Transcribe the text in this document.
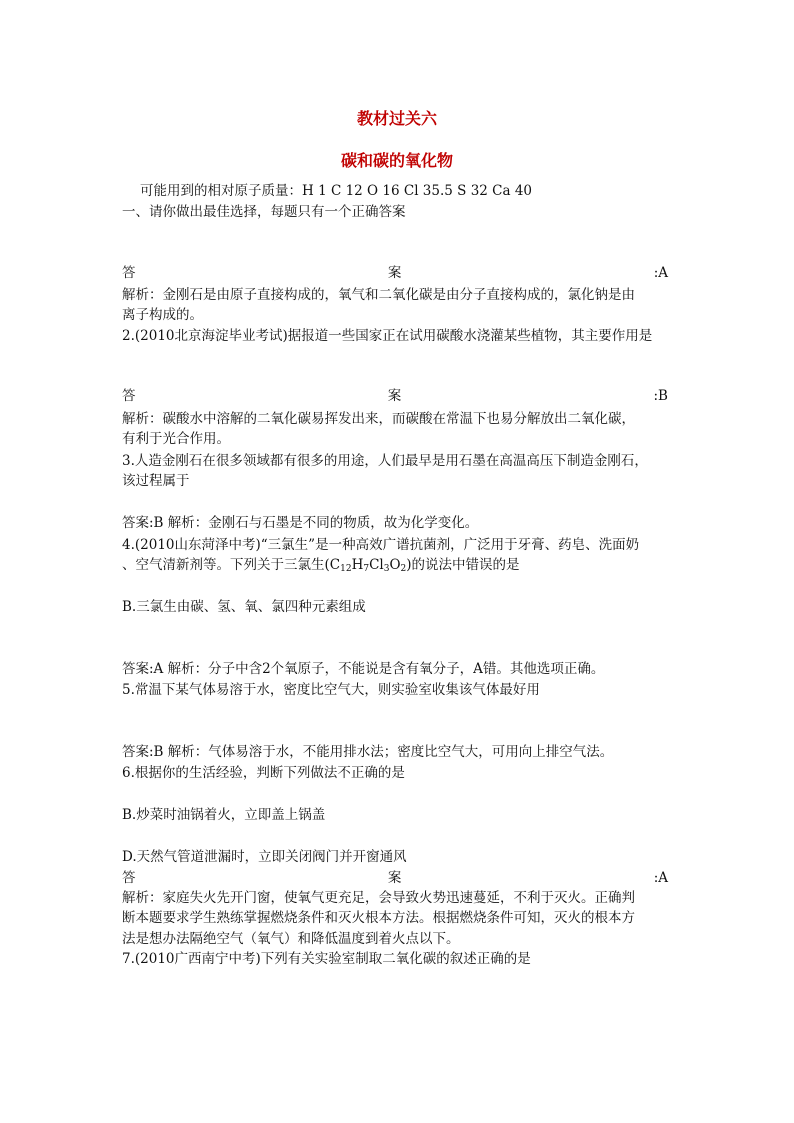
教材过关六
碳和碳的氧化物
可能用到的相对原子质量：H 1 C 12 O 16 Cl 35.5 S 32 Ca 40
一、请你做出最佳选择，每题只有一个正确答案
答	案	:A
解析：金刚石是由原子直接构成的，氧气和二氧化碳是由分子直接构成的，氯化钠是由
离子构成的。
2.(2010北京海淀毕业考试)据报道一些国家正在试用碳酸水浇灌某些植物，其主要作用是
答	案	:B
解析：碳酸水中溶解的二氧化碳易挥发出来，而碳酸在常温下也易分解放出二氧化碳，
有利于光合作用。
3.人造金刚石在很多领域都有很多的用途，人们最早是用石墨在高温高压下制造金刚石，
该过程属于
答案:B 解析：金刚石与石墨是不同的物质，故为化学变化。
4.(2010山东菏泽中考)“三氯生”是一种高效广谱抗菌剂，广泛用于牙膏、药皂、洗面奶
、空气清新剂等。下列关于三氯生$(C_{12}H_7Cl_3O_2)$的说法中错误的是
B.三氯生由碳、氢、氧、氯四种元素组成
答案:A 解析：分子中含2个氧原子，不能说是含有氧分子，A错。其他选项正确。
5.常温下某气体易溶于水，密度比空气大，则实验室收集该气体最好用
答案:B 解析：气体易溶于水，不能用排水法；密度比空气大，可用向上排空气法。
6.根据你的生活经验，判断下列做法不正确的是
B.炒菜时油锅着火，立即盖上锅盖
D.天然气管道泄漏时，立即关闭阀门并开窗通风
答	案	:A
解析：家庭失火先开门窗，使氧气更充足，会导致火势迅速蔓延，不利于灭火。正确判
断本题要求学生熟练掌握燃烧条件和灭火根本方法。根据燃烧条件可知，灭火的根本方
法是想办法隔绝空气（氧气）和降低温度到着火点以下。
7.(2010广西南宁中考)下列有关实验室制取二氧化碳的叙述正确的是
